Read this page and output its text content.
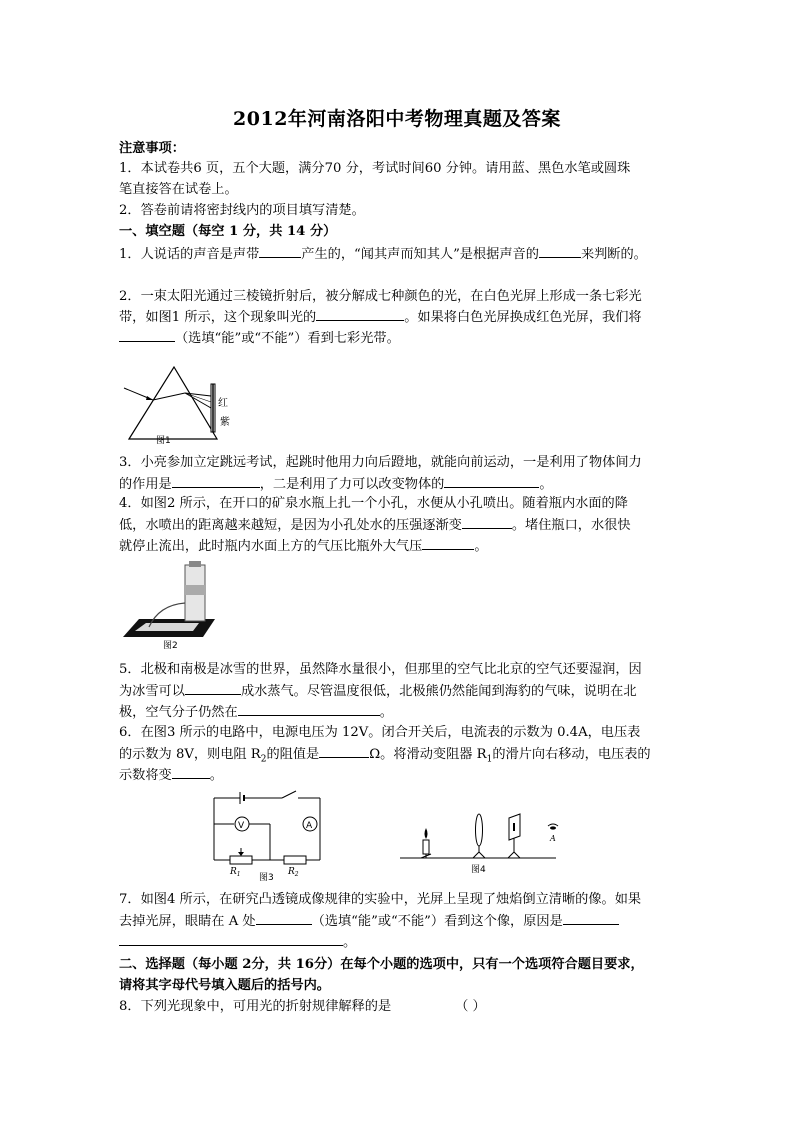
2012年河南洛阳中考物理真题及答案
注意事项：
1．本试卷共6 页，五个大题，满分70 分，考试时间60 分钟。请用蓝、黑色水笔或圆珠
笔直接答在试卷上。
2．答卷前请将密封线内的项目填写清楚。
一、填空题（每空 1 分，共 14 分）
1．人说话的声音是声带	产生的，“闻其声而知其人”是根据声音的	来判断的。
2．一束太阳光通过三棱镜折射后，被分解成七种颜色的光，在白色光屏上形成一条七彩光
带，如图1 所示，这个现象叫光的	。如果将白色光屏换成红色光屏，我们将
（选填“能”或“不能”）看到七彩光带。
图1
红
紫
3．小亮参加立定跳远考试，起跳时他用力向后蹬地，就能向前运动，一是利用了物体间力
的作用是	，二是利用了力可以改变物体的	。
4．如图2 所示，在开口的矿泉水瓶上扎一个小孔，水便从小孔喷出。随着瓶内水面的降
低，水喷出的距离越来越短，是因为小孔处水的压强逐渐变	。堵住瓶口，水很快
就停止流出，此时瓶内水面上方的气压比瓶外大气压	。
图2
5．北极和南极是冰雪的世界，虽然降水量很小，但那里的空气比北京的空气还要湿润，因
为冰雪可以	成水蒸气。尽管温度很低，北极熊仍然能闻到海豹的气味，说明在北
极，空气分子仍然在	。
6．在图3 所示的电路中，电源电压为 12V。闭合开关后，电流表的示数为 0.4A，电压表
的示数为 8V，则电阻 $R_2$的阻值是	Ω。将滑动变阻器 $R_1$的滑片向右移动，电压表的
示数将变	。
V	A
$R_1$	$R_2$
图3
A
图4
7．如图4 所示，在研究凸透镜成像规律的实验中，光屏上呈现了烛焰倒立清晰的像。如果
去掉光屏，眼睛在 A 处	（选填“能”或“不能”）看到这个像，原因是
。
二、选择题（每小题 2分，共 16分）在每个小题的选项中，只有一个选项符合题目要求，
请将其字母代号填入题后的括号内。
8．下列光现象中，可用光的折射规律解释的是	（ ）
